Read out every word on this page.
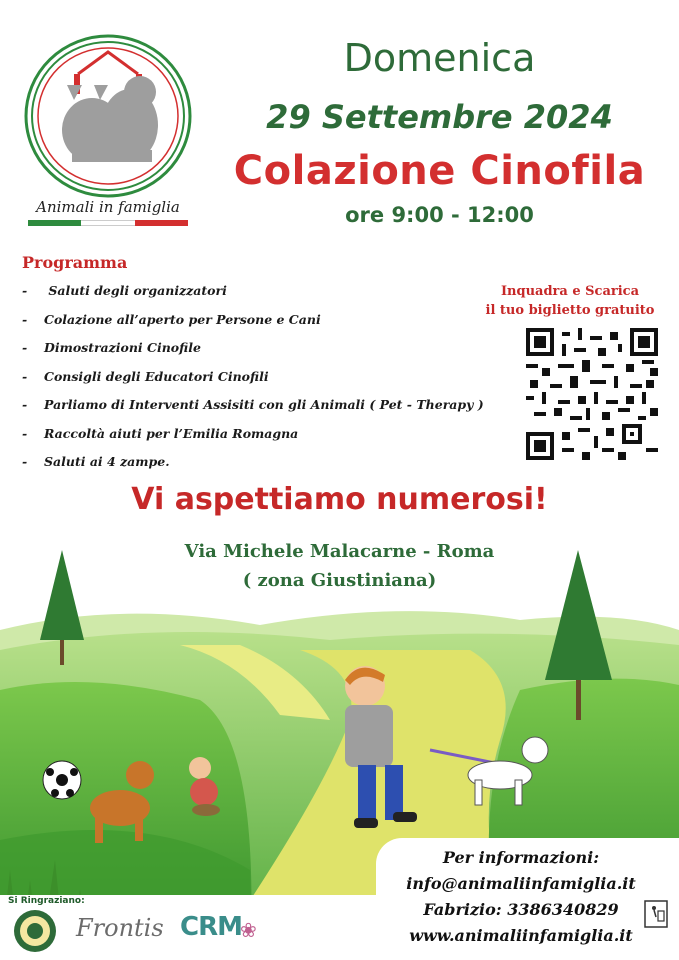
Animali in famiglia
Domenica
29 Settembre 2024
Colazione Cinofila
ore 9:00 - 12:00
Programma
- Saluti degli organizzatori
- Colazione all’aperto per Persone e Cani
- Dimostrazioni Cinofile
- Consigli degli Educatori Cinofili
- Parliamo di Interventi Assisiti con gli Animali ( Pet - Therapy )
- Raccoltà aiuti per l’Emilia Romagna
- Saluti ai 4 zampe.
Inquadra e Scarica
il tuo biglietto gratuito
Vi aspettiamo numerosi!
Via Michele Malacarne - Roma
( zona Giustiniana)
Si Ringraziano:
Frontis CRM
❀
Per informazioni:
info@animaliinfamiglia.it
Fabrizio: 3386340829
www.animaliinfamiglia.it
